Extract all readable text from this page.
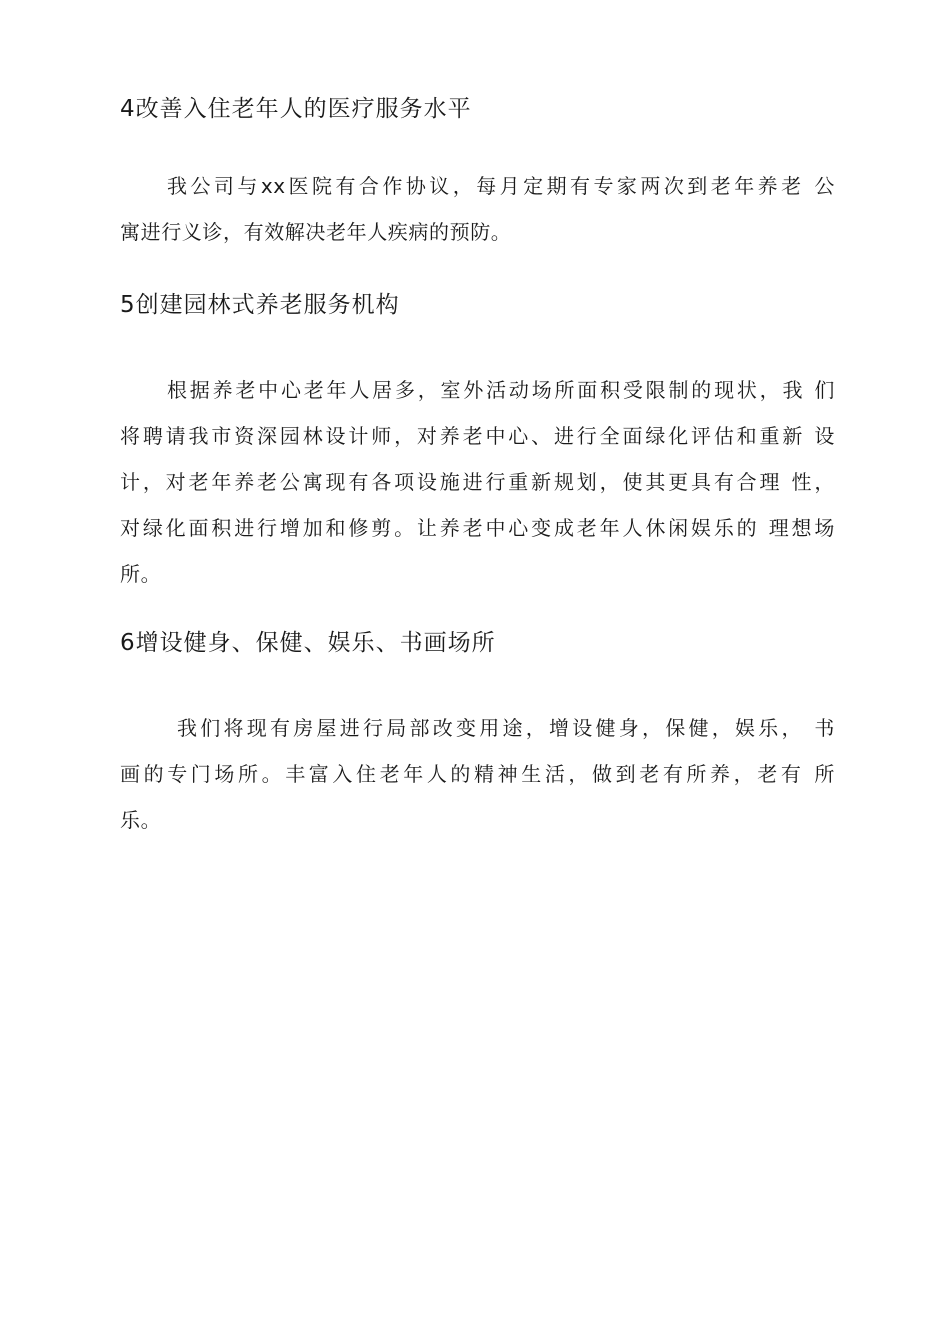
4改善入住老年人的医疗服务水平
我公司与xx医院有合作协议，每月定期有专家两次到老年养老 公
寓进行义诊，有效解决老年人疾病的预防。
5创建园林式养老服务机构
根据养老中心老年人居多，室外活动场所面积受限制的现状，我 们
将聘请我市资深园林设计师，对养老中心、进行全面绿化评估和重新 设
计，对老年养老公寓现有各项设施进行重新规划，使其更具有合理 性，
对绿化面积进行增加和修剪。让养老中心变成老年人休闲娱乐的 理想场
所。
6增设健身、保健、娱乐、书画场所
我们将现有房屋进行局部改变用途，增设健身，保健，娱乐， 书
画的专门场所。丰富入住老年人的精神生活，做到老有所养，老有 所
乐。
